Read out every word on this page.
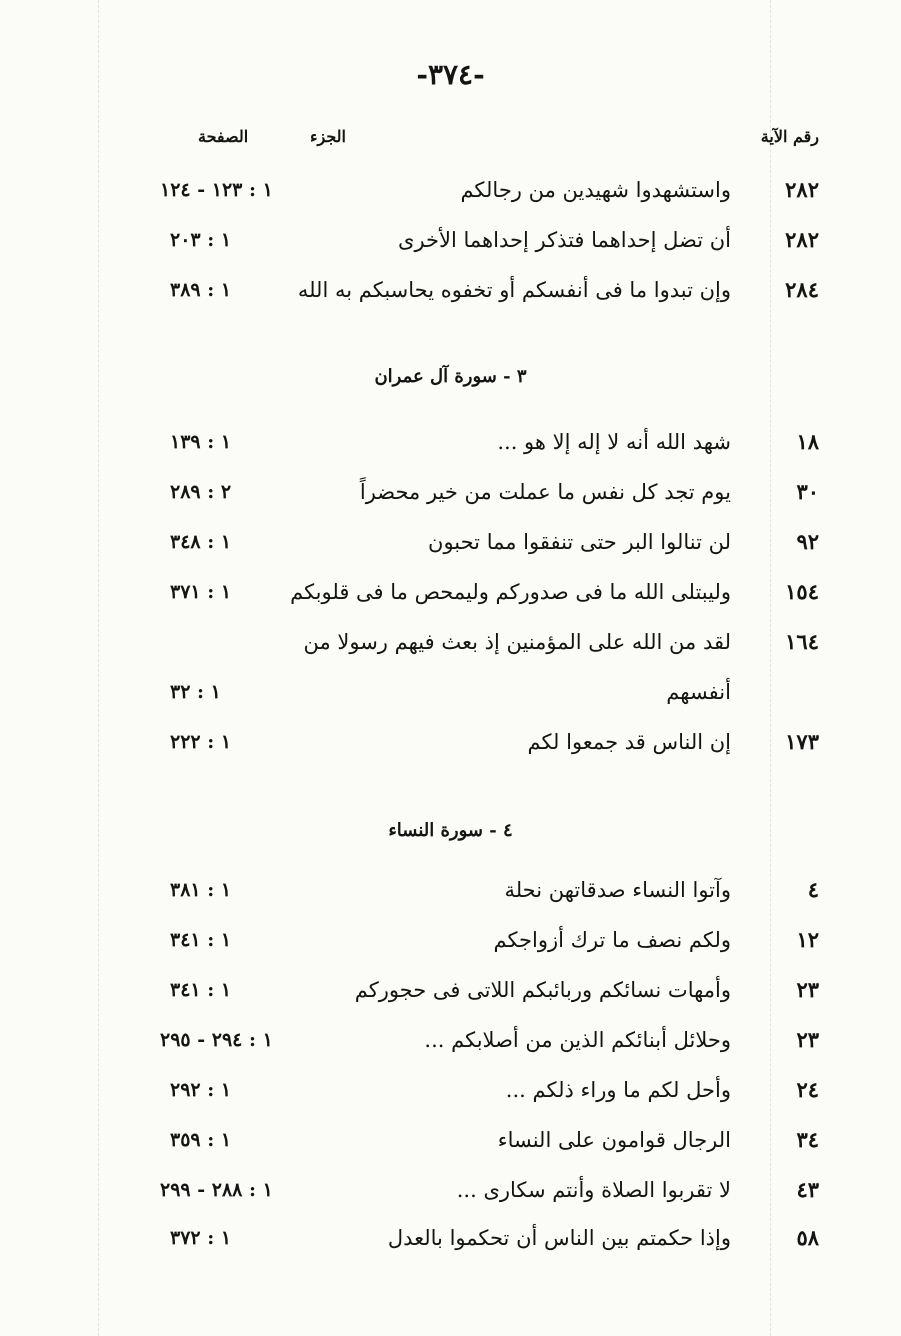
-٣٧٤-
رقم الآية
الجزء
الصفحة
٢٨٢
واستشهدوا شهيدين من رجالكم
١ : ١٢٣ - ١٢٤
٢٨٢
أن تضل إحداهما فتذكر إحداهما الأخرى
١ : ٢٠٣
٢٨٤
وإن تبدوا ما فى أنفسكم أو تخفوه يحاسبكم به الله
١ : ٣٨٩
٣ - سورة آل عمران
١٨
شهد الله أنه لا إله إلا هو ...
١ : ١٣٩
٣٠
يوم تجد كل نفس ما عملت من خير محضراً
٢ : ٢٨٩
٩٢
لن تنالوا البر حتى تنفقوا مما تحبون
١ : ٣٤٨
١٥٤
وليبتلى الله ما فى صدوركم وليمحص ما فى قلوبكم
١ : ٣٧١
١٦٤
لقد من الله على المؤمنين إذ بعث فيهم رسولا من
أنفسهم
١ : ٣٢
١٧٣
إن الناس قد جمعوا لكم
١ : ٢٢٢
٤ - سورة النساء
٤
وآتوا النساء صدقاتهن نحلة
١ : ٣٨١
١٢
ولكم نصف ما ترك أزواجكم
١ : ٣٤١
٢٣
وأمهات نسائكم وربائبكم اللاتى فى حجوركم
١ : ٣٤١
٢٣
وحلائل أبنائكم الذين من أصلابكم ...
١ : ٢٩٤ - ٢٩٥
٢٤
وأحل لكم ما وراء ذلكم ...
١ : ٢٩٢
٣٤
الرجال قوامون على النساء
١ : ٣٥٩
٤٣
لا تقربوا الصلاة وأنتم سكارى ...
١ : ٢٨٨ - ٢٩٩
٥٨
وإذا حكمتم بين الناس أن تحكموا بالعدل
١ : ٣٧٢
